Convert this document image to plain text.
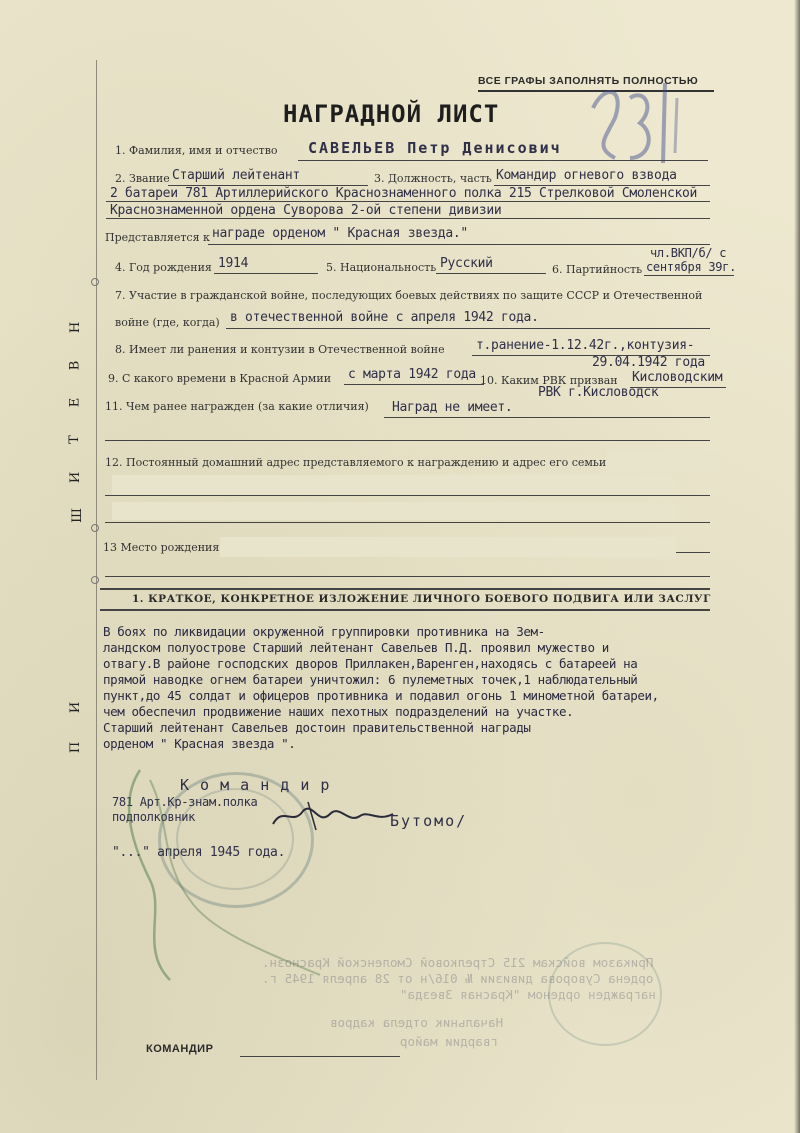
Н
В
Е
Т
И
Ш
И
П
ВСЕ ГРАФЫ ЗАПОЛНЯТЬ ПОЛНОСТЬЮ
НАГРАДНОЙ ЛИСТ
1. Фамилия, имя и отчество САВЕЛЬЕВ Петр Денисович
2. Звание Старший лейтенант	3. Должность, часть Командир огневого взвода
2 батареи 781 Артиллерийского Краснознаменного полка 215 Стрелковой Смоленской
Краснознаменной ордена Суворова 2-ой степени дивизии
Представляется к награде орденом " Красная звезда."
4. Год рождения 1914	5. Национальность Русский	6. Партийность
чл.ВКП/б/ с
сентября 39г.
7. Участие в гражданской войне, последующих боевых действиях по защите СССР и Отечественной
войне (где, когда) в отечественной войне с апреля 1942 года.
8. Имеет ли ранения и контузии в Отечественной войне т.ранение-1.12.42г.,контузия-
29.04.1942 года
9. С какого времени в Красной Армии с марта 1942 года 10. Каким РВК призван Кисловодским
РВК г.Кисловодск
11. Чем ранее награжден (за какие отличия) Наград не имеет.
12. Постоянный домашний адрес представляемого к награждению и адрес его семьи
13 Место рождения
1. КРАТКОЕ, КОНКРЕТНОЕ ИЗЛОЖЕНИЕ ЛИЧНОГО БОЕВОГО ПОДВИГА ИЛИ ЗАСЛУГ
В боях по ликвидации окруженной группировки противника на Зем-
ландском полуострове Старший лейтенант Савельев П.Д. проявил мужество и
отвагу.В районе господских дворов Приллакен,Варенген,находясь с батареей на
прямой наводке огнем батареи уничтожил: 6 пулеметных точек,1 наблюдательный
пункт,до 45 солдат и офицеров противника и подавил огонь 1 минометной батареи,
чем обеспечил продвижение наших пехотных подразделений на участке.
Старший лейтенант Савельев достоин правительственной награды
орденом " Красная звезда ".
К о м а н д и р
781 Арт.Кр-знам.полка
подполковник	Бутомо/
"..." апреля 1945 года.
Приказом войскам 215 Стрелковой Смоленской Краснозн.
ордена Суворова дивизии № 016/н от 28 апреля 1945 г.
награжден орденом "Красная Звезда"
Начальник отдела кадров
гвардии майор
КОМАНДИР
